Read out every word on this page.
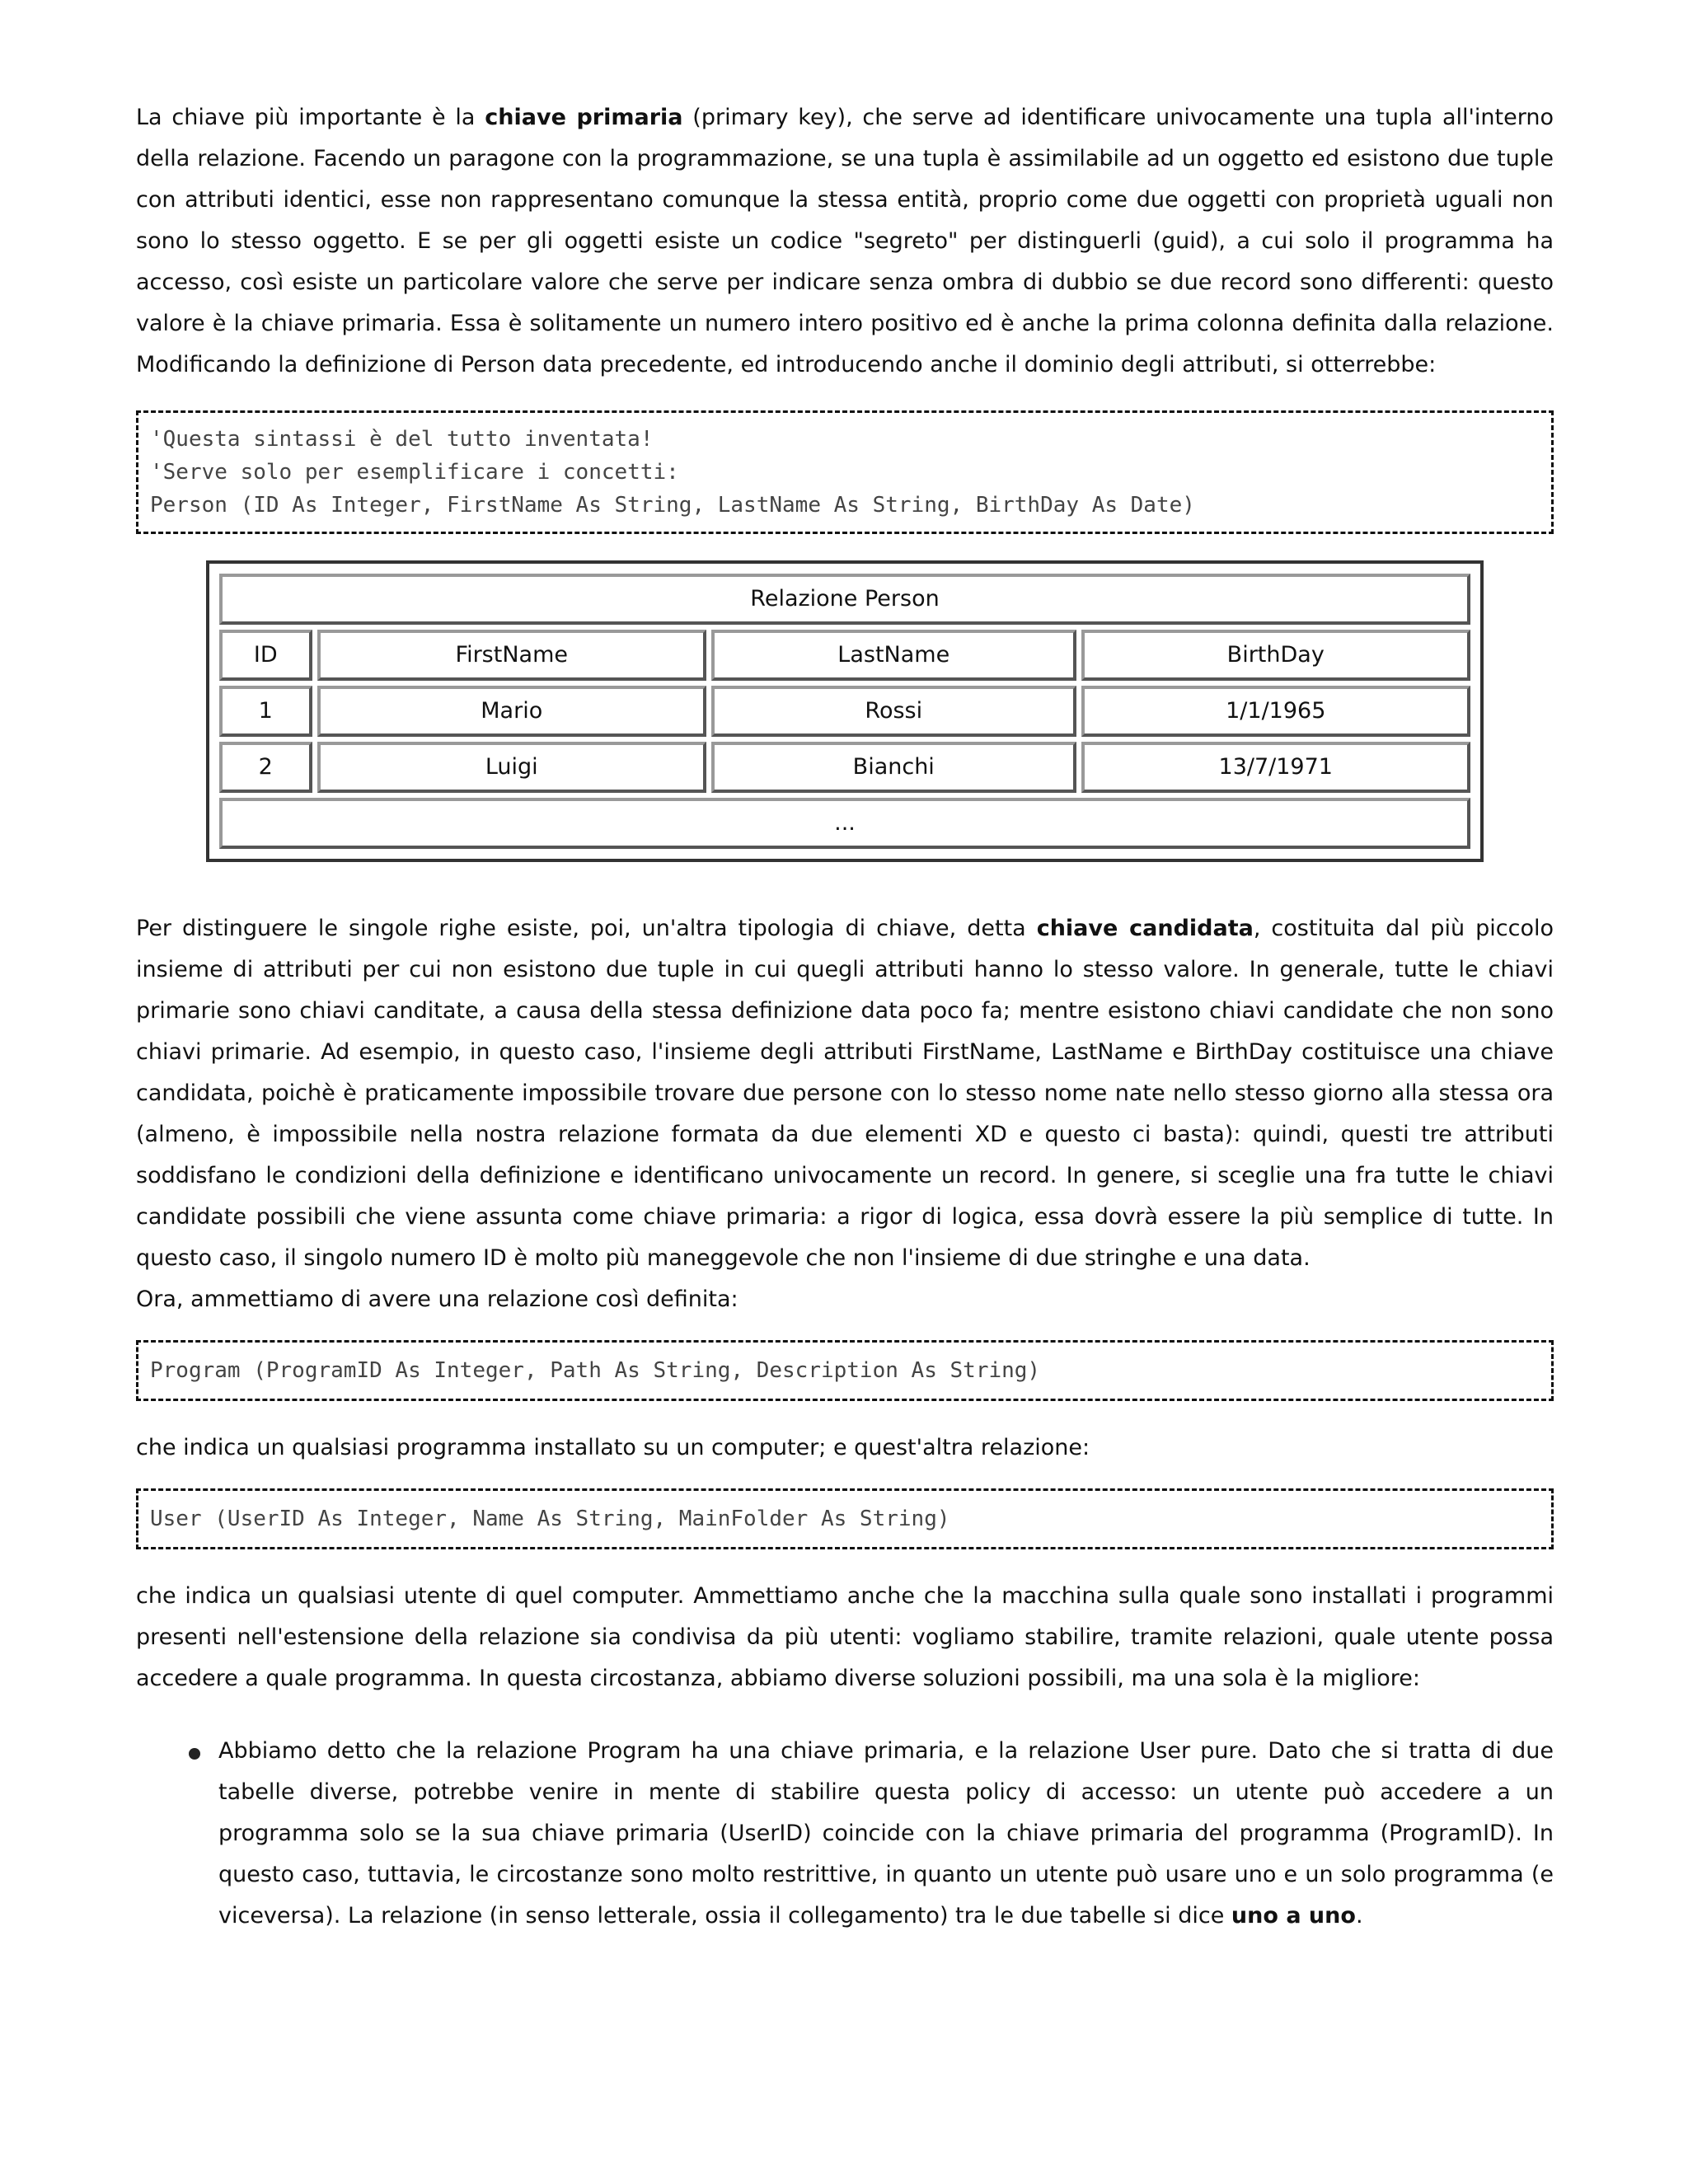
La chiave più importante è la chiave primaria (primary key), che serve ad identificare univocamente una tupla all'interno della relazione. Facendo un paragone con la programmazione, se una tupla è assimilabile ad un oggetto ed esistono due tuple con attributi identici, esse non rappresentano comunque la stessa entità, proprio come due oggetti con proprietà uguali non sono lo stesso oggetto. E se per gli oggetti esiste un codice "segreto" per distinguerli (guid), a cui solo il programma ha accesso, così esiste un particolare valore che serve per indicare senza ombra di dubbio se due record sono differenti: questo valore è la chiave primaria. Essa è solitamente un numero intero positivo ed è anche la prima colonna definita dalla relazione. Modificando la definizione di Person data precedente, ed introducendo anche il dominio degli attributi, si otterrebbe:

'Questa sintassi è del tutto inventata!
'Serve solo per esemplificare i concetti:
Person (ID As Integer, FirstName As String, LastName As String, BirthDay As Date)
Relazione Person			
ID	FirstName	LastName	BirthDay
1	Mario	Rossi	1/1/1965
2	Luigi	Bianchi	13/7/1971
...			

Per distinguere le singole righe esiste, poi, un'altra tipologia di chiave, detta chiave candidata, costituita dal più piccolo insieme di attributi per cui non esistono due tuple in cui quegli attributi hanno lo stesso valore. In generale, tutte le chiavi primarie sono chiavi canditate, a causa della stessa definizione data poco fa; mentre esistono chiavi candidate che non sono chiavi primarie. Ad esempio, in questo caso, l'insieme degli attributi FirstName, LastName e BirthDay costituisce una chiave candidata, poichè è praticamente impossibile trovare due persone con lo stesso nome nate nello stesso giorno alla stessa ora (almeno, è impossibile nella nostra relazione formata da due elementi XD e questo ci basta): quindi, questi tre attributi soddisfano le condizioni della definizione e identificano univocamente un record. In genere, si sceglie una fra tutte le chiavi candidate possibili che viene assunta come chiave primaria: a rigor di logica, essa dovrà essere la più semplice di tutte. In questo caso, il singolo numero ID è molto più maneggevole che non l'insieme di due stringhe e una data.

Ora, ammettiamo di avere una relazione così definita:

Program (ProgramID As Integer, Path As String, Description As String)

che indica un qualsiasi programma installato su un computer; e quest'altra relazione:

User (UserID As Integer, Name As String, MainFolder As String)

che indica un qualsiasi utente di quel computer. Ammettiamo anche che la macchina sulla quale sono installati i programmi presenti nell'estensione della relazione sia condivisa da più utenti: vogliamo stabilire, tramite relazioni, quale utente possa accedere a quale programma. In questa circostanza, abbiamo diverse soluzioni possibili, ma una sola è la migliore:

Abbiamo detto che la relazione Program ha una chiave primaria, e la relazione User pure. Dato che si tratta di due tabelle diverse, potrebbe venire in mente di stabilire questa policy di accesso: un utente può accedere a un programma solo se la sua chiave primaria (UserID) coincide con la chiave primaria del programma (ProgramID). In questo caso, tuttavia, le circostanze sono molto restrittive, in quanto un utente può usare uno e un solo programma (e viceversa). La relazione (in senso letterale, ossia il collegamento) tra le due tabelle si dice uno a uno.
